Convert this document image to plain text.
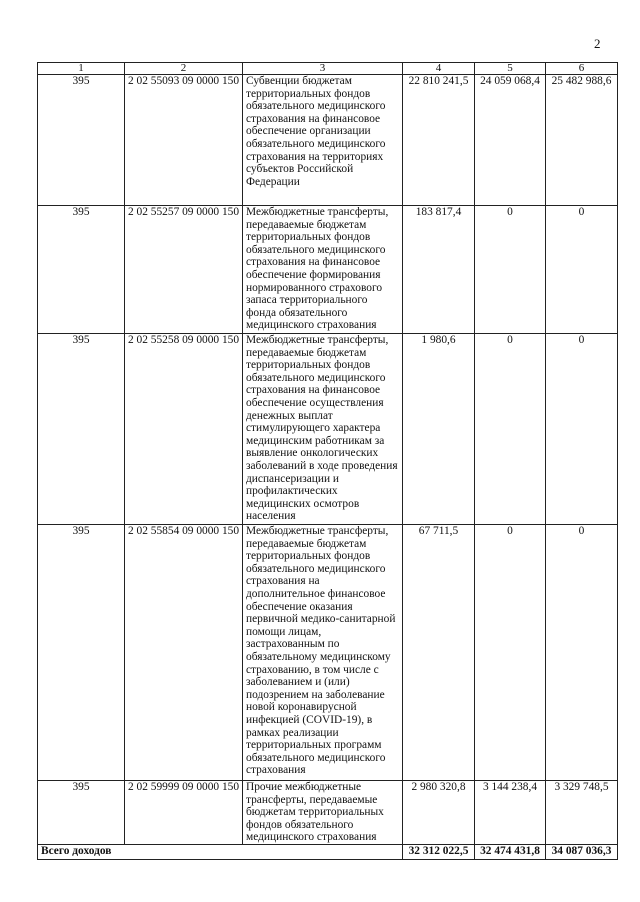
2
1	2	3	4	5	6
395	2 02 55093 09 0000 150	Субвенции бюджетам территориальных фондов обязательного медицинского страхования на финансовое обеспечение организации обязательного медицинского страхования на территориях субъектов Российской Федерации	22 810 241,5	24 059 068,4	25 482 988,6
395	2 02 55257 09 0000 150	Межбюджетные трансферты, передаваемые бюджетам территориальных фондов обязательного медицинского страхования на финансовое обеспечение формирования нормированного страхового запаса территориального фонда обязательного медицинского страхования	183 817,4	0	0
395	2 02 55258 09 0000 150	Межбюджетные трансферты, передаваемые бюджетам территориальных фондов обязательного медицинского страхования на финансовое обеспечение осуществления денежных выплат стимулирующего характера медицинским работникам за выявление онкологических заболеваний в ходе проведения диспансеризации и профилактических медицинских осмотров населения	1 980,6	0	0
395	2 02 55854 09 0000 150	Межбюджетные трансферты, передаваемые бюджетам территориальных фондов обязательного медицинского страхования на дополнительное финансовое обеспечение оказания первичной медико-санитарной помощи лицам, застрахованным по обязательному медицинскому страхованию, в том числе с заболеванием и (или) подозрением на заболевание новой коронавирусной инфекцией (COVID-19), в рамках реализации территориальных программ обязательного медицинского страхования	67 711,5	0	0
395	2 02 59999 09 0000 150	Прочие межбюджетные трансферты, передаваемые бюджетам территориальных фондов обязательного медицинского страхования	2 980 320,8	3 144 238,4	3 329 748,5
Всего доходов			32 312 022,5	32 474 431,8	34 087 036,3
